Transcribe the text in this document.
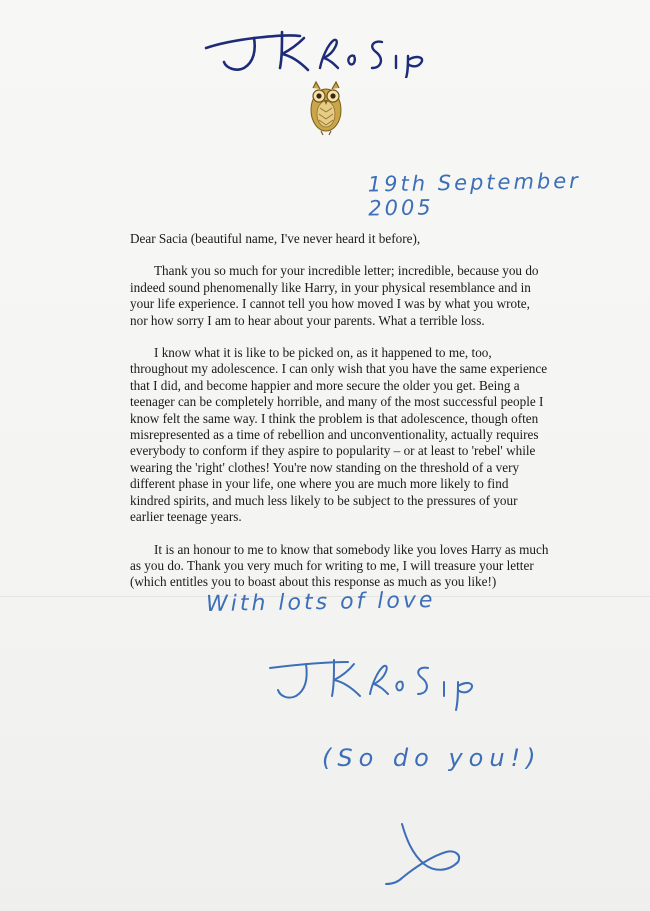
19th September 2005

Dear Sacia (beautiful name, I've never heard it before),

Thank you so much for your incredible letter; incredible, because you do indeed sound phenomenally like Harry, in your physical resemblance and in your life experience. I cannot tell you how moved I was by what you wrote, nor how sorry I am to hear about your parents. What a terrible loss.

I know what it is like to be picked on, as it happened to me, too, throughout my adolescence. I can only wish that you have the same experience that I did, and become happier and more secure the older you get. Being a teenager can be completely horrible, and many of the most successful people I know felt the same way. I think the problem is that adolescence, though often misrepresented as a time of rebellion and unconventionality, actually requires everybody to conform if they aspire to popularity – or at least to 'rebel' while wearing the 'right' clothes! You're now standing on the threshold of a very different phase in your life, one where you are much more likely to find kindred spirits, and much less likely to be subject to the pressures of your earlier teenage years.

It is an honour to me to know that somebody like you loves Harry as much as you do. Thank you very much for writing to me, I will treasure your letter (which entitles you to boast about this response as much as you like!)

With lots of love
(So do you!)
